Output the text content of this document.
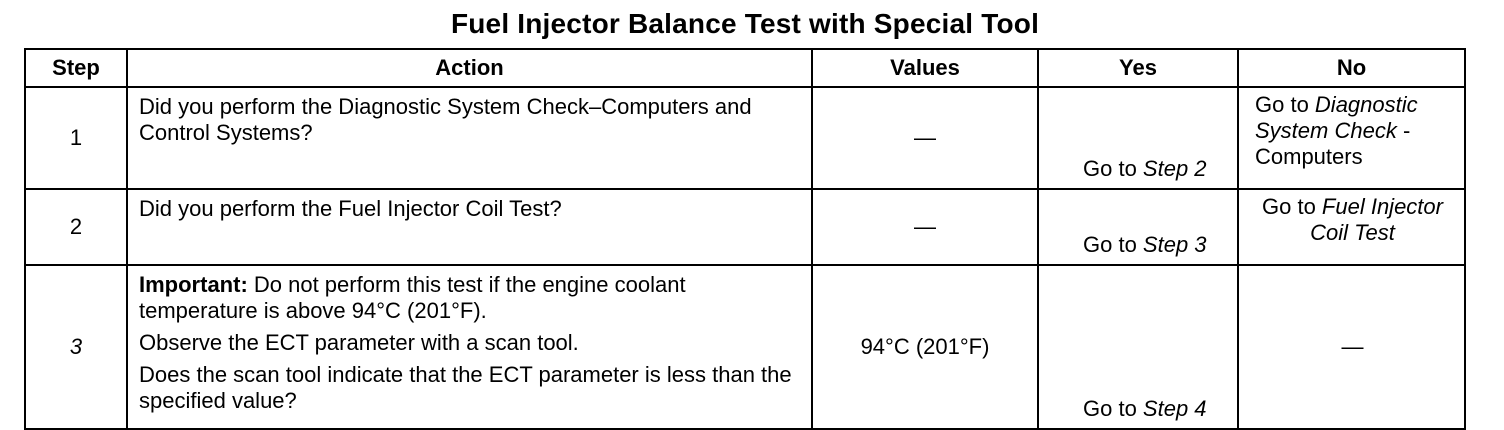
Fuel Injector Balance Test with Special Tool
Step	Action	Values	Yes	No
1	Did you perform the Diagnostic System Check–Computers and Control Systems?	—	Go to Step 2	Go to Diagnostic System Check - Computers
2	Did you perform the Fuel Injector Coil Test?	—	Go to Step 3	Go to Fuel Injector Coil Test
3	Important: Do not perform this test if the engine coolant temperature is above 94°C (201°F).
Observe the ECT parameter with a scan tool.
Does the scan tool indicate that the ECT parameter is less than the specified value?	94°C (201°F)	Go to Step 4	—
